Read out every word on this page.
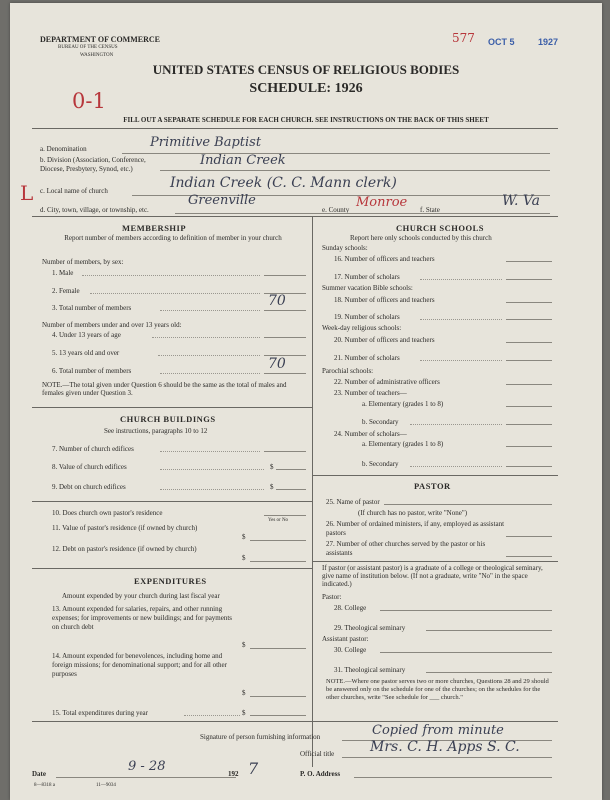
DEPARTMENT OF COMMERCE
BUREAU OF THE CENSUS
WASHINGTON
577 OCT 5	1927
UNITED STATES CENSUS OF RELIGIOUS BODIES
SCHEDULE: 1926
0-1
FILL OUT A SEPARATE SCHEDULE FOR EACH CHURCH. SEE INSTRUCTIONS ON THE BACK OF THIS SHEET
a. Denomination	Primitive Baptist
b. Division (Association, Conference, Diocese, Presbytery, Synod, etc.)
Indian Creek
L c. Local name of church	Indian Creek (C. C. Mann clerk)
d. City, town, village, or township, etc.
Greenville
e. County Monroe f. State
W. Va
MEMBERSHIP
Report number of members according to definition of member in your church
Number of members, by sex:
1. Male
2. Female
3. Total number of members	70
Number of members under and over 13 years old:
4. Under 13 years of age
5. 13 years old and over
6. Total number of members	70
NOTE.—The total given under Question 6 should be the same as the total of males and females given under Question 3.
CHURCH BUILDINGS
See instructions, paragraphs 10 to 12
7. Number of church edifices
8. Value of church edifices	$
9. Debt on church edifices	$
10. Does church own pastor's residence
Yes or No
11. Value of pastor's residence (if owned by church)
$
12. Debt on pastor's residence (if owned by church)
$
EXPENDITURES
Amount expended by your church during last fiscal year
13. Amount expended for salaries, repairs, and other running expenses; for improvements or new buildings; and for payments on church debt
$
14. Amount expended for benevolences, including home and foreign missions; for denominational support; and for all other purposes
$
15. Total expenditures during year	$
CHURCH SCHOOLS
Report here only schools conducted by this church
Sunday schools:
16. Number of officers and teachers
17. Number of scholars
Summer vacation Bible schools:
18. Number of officers and teachers
19. Number of scholars
Week-day religious schools:
20. Number of officers and teachers
21. Number of scholars
Parochial schools:
22. Number of administrative officers
23. Number of teachers—
a. Elementary (grades 1 to 8)
b. Secondary
24. Number of scholars—
a. Elementary (grades 1 to 8)
b. Secondary
PASTOR
25. Name of pastor
(If church has no pastor, write "None")
26. Number of ordained ministers, if any, employed as assistant pastors
27. Number of other churches served by the pastor or his assistants
If pastor (or assistant pastor) is a graduate of a college or theological seminary, give name of institution below. (If not a graduate, write "No" in the space indicated.)
Pastor:
28. College
29. Theological seminary
Assistant pastor:
30. College
31. Theological seminary
NOTE.—Where one pastor serves two or more churches, Questions 28 and 29 should be answered only on the schedule for one of the churches; on the schedules for the other churches, write "See schedule for ___ church."
Signature of person furnishing information	Copied from minute
Official title	Mrs. C. H. Apps S. C.
Date	9 - 28	192 7	P. O. Address
8—8318 a	11—9034
